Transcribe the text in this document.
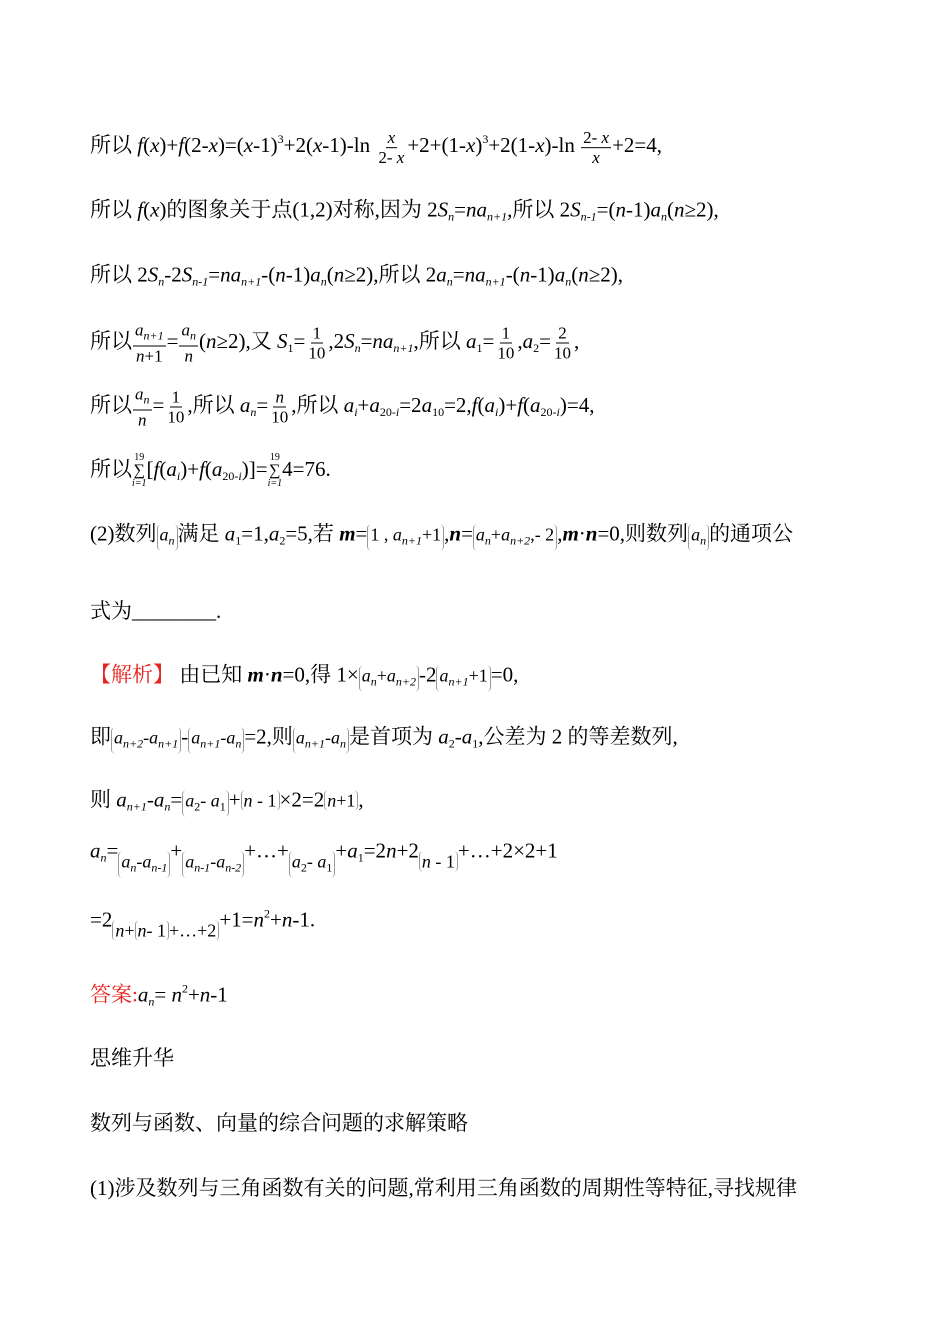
所以 $f(x)+f(2-x)=(x-1)^3+2(x-1)-\ln \frac{x}{2- x} +2+(1-x)^3+2(1-x)-\ln \frac{2- x}{x} +2=4$,
所以 f(x)的图象关于点(1,2)对称,因为 2Sn=nan+1,所以 2Sn-1=(n-1)an(n≥2),
所以 2Sn-2Sn-1=nan+1-(n-1)an(n≥2),所以 2an=nan+1-(n-1)an(n≥2),
所以 $\frac{a_{n+1}}{n+1} = \frac{a_n}{n} (n\ge 2)$,又 $S_1= \frac{1}{10} ,2Sn=nan+1$,所以 $a_1= \frac{1}{10} ,a_2= \frac{2}{10}$ ,
所以 $\frac{a_n}{n} = \frac{1}{10}$ ,所以 $an= \frac{n}{10}$ ,所以 $ai+a_{20-}i=2a_{10}=2,f(ai)+f(a_{20-}i)=4$,
所以 19
∑
i=1
$[f(ai)+f(a_{20-}i)]= 19$
∑
i=1
4=76.
(2)数列 $a_n$ 满足 $a_1=1,a_2=5$,若 m= 1 , $a_{n+1}+1$ $,n= a_n+a_{n+2},-$ 2 ,m·n=0,则数列 $a_n$ 的通项公
式为________.
【解析】 由已知 m·n=0,得 $1\times a_n+a_{n+2}$ -2 $a_{n+1}+1 =0$,
即 $a_{n+2}-a_{n+1} - a_{n+1}-a_n =2$,则 $a_{n+1}-a_n$ 是首项为 $a_2-a_1$,公差为 2 的等差数列,
则 $an+1-an= a_2-$ $a_1 + n - 1 \times 2=2$ n+1 ,
$an= a_n-a_{n-1}+$ $a_{n-1}-a_{n-2}+\dots+ a_2-$ $a_1+a_1=2n+2$ n - 1 +…+2×2+1
=2 n+ n- 1 +…+2 $+1=n^2+n-1$.
答案:an= $n^2+n-1$
思维升华
数列与函数、向量的综合问题的求解策略
(1)涉及数列与三角函数有关的问题,常利用三角函数的周期性等特征,寻找规律
